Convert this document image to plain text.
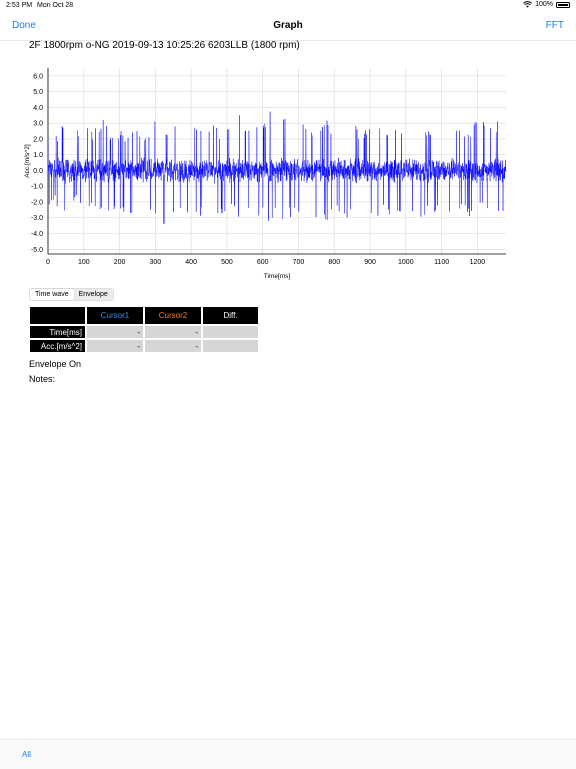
2:53 PM Mon Oct 28	100%
Done	Graph	FFT
2F 1800rpm o-NG 2019-09-13 10:25:26 6203LLB (1800 rpm)
0	100	200	300	400	500	600	700	800	900	1000	1100	1200
6.0
5.0
4.0
3.0
2.0
1.0
0.0
-1.0
-2.0
-3.0
-4.0
-5.0
Time[ms]
Acc.[m/s^2]
Time wave	Envelope
	Cursor1	Cursor2	Diff.
Time[ms]	-	-	
Acc.[m/s^2]	-	-	
Envelope On
Notes:
All
